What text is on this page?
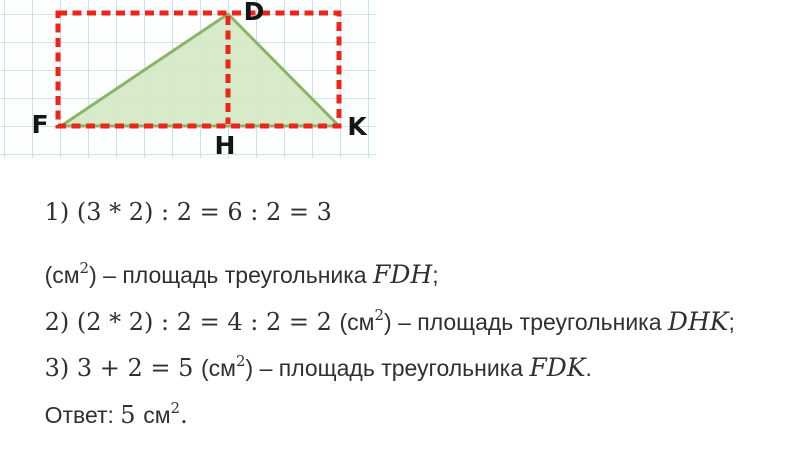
F
D
K
H

1) (3 * 2) : 2 = 6 : 2 = 3

$(см^2)$ – площадь треугольника FDH;

2) (2 * 2) : 2 = 4 : 2 = 2 $(см^2)$ – площадь треугольника DHK;

3) 3 + 2 = 5 $(см^2)$ – площадь треугольника FDK.

Ответ: 5 $см^2$.
